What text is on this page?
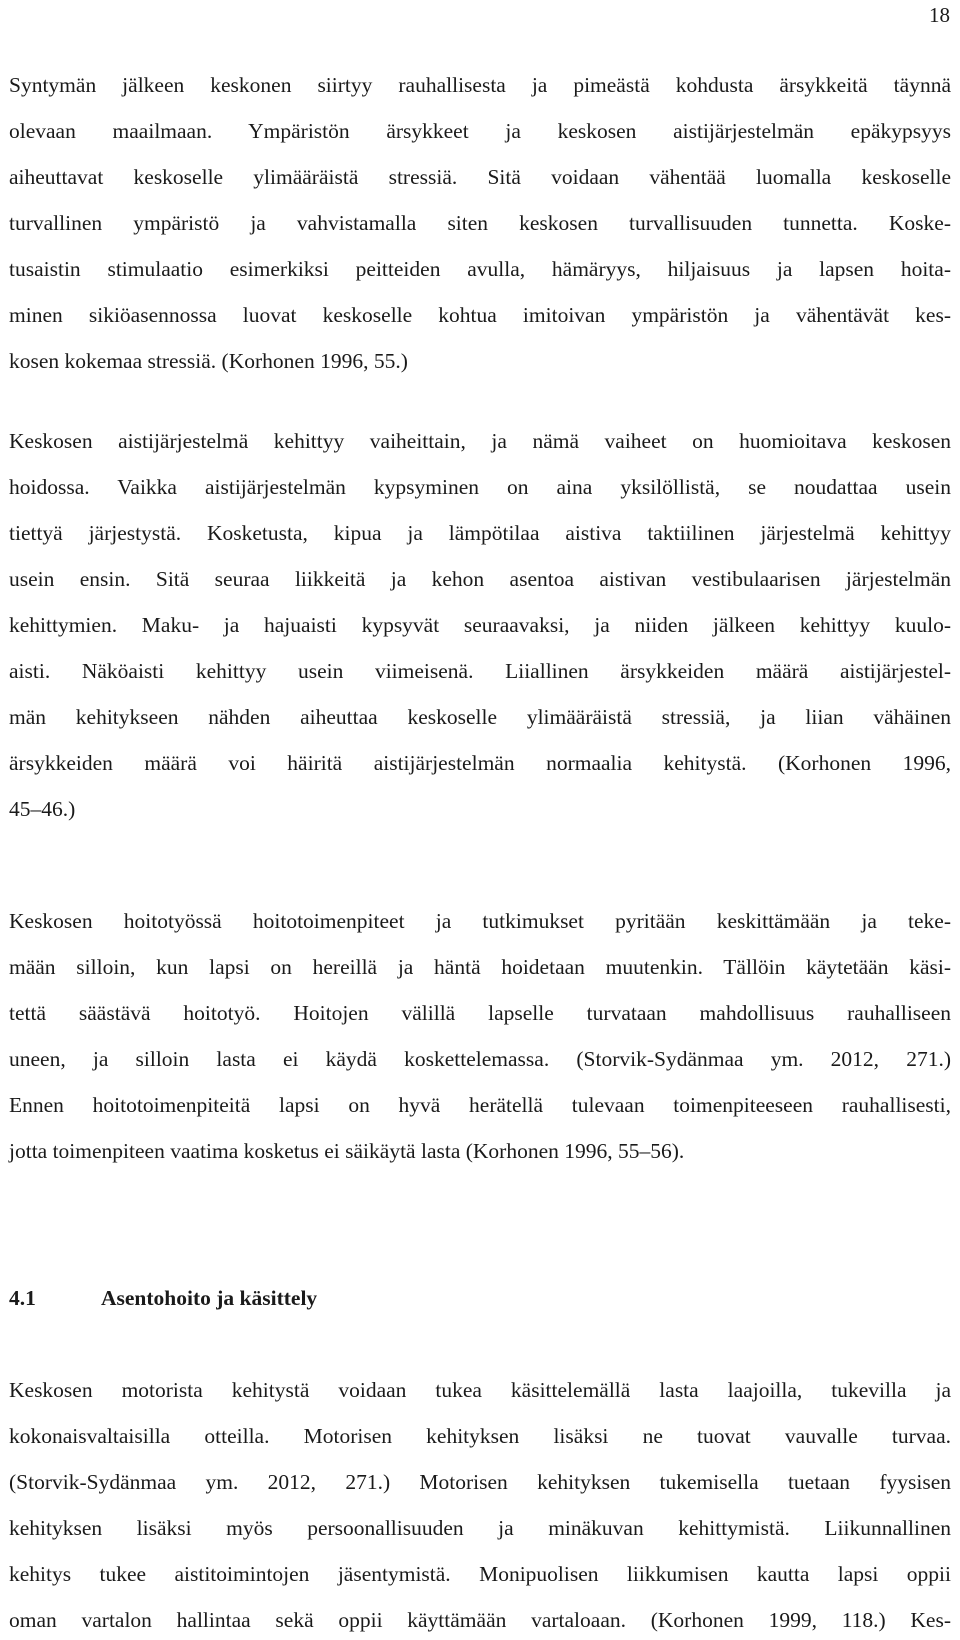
18
Syntymän jälkeen keskonen siirtyy rauhallisesta ja pimeästä kohdusta ärsykkeitä täynnä
olevaan maailmaan. Ympäristön ärsykkeet ja keskosen aistijärjestelmän epäkypsyys
aiheuttavat keskoselle ylimääräistä stressiä. Sitä voidaan vähentää luomalla keskoselle
turvallinen ympäristö ja vahvistamalla siten keskosen turvallisuuden tunnetta. Koske-
tusaistin stimulaatio esimerkiksi peitteiden avulla, hämäryys, hiljaisuus ja lapsen hoita-
minen sikiöasennossa luovat keskoselle kohtua imitoivan ympäristön ja vähentävät kes-
kosen kokemaa stressiä. (Korhonen 1996, 55.)
Keskosen aistijärjestelmä kehittyy vaiheittain, ja nämä vaiheet on huomioitava keskosen
hoidossa. Vaikka aistijärjestelmän kypsyminen on aina yksilöllistä, se noudattaa usein
tiettyä järjestystä. Kosketusta, kipua ja lämpötilaa aistiva taktiilinen järjestelmä kehittyy
usein ensin. Sitä seuraa liikkeitä ja kehon asentoa aistivan vestibulaarisen järjestelmän
kehittymien. Maku- ja hajuaisti kypsyvät seuraavaksi, ja niiden jälkeen kehittyy kuulo-
aisti. Näköaisti kehittyy usein viimeisenä. Liiallinen ärsykkeiden määrä aistijärjestel-
män kehitykseen nähden aiheuttaa keskoselle ylimääräistä stressiä, ja liian vähäinen
ärsykkeiden määrä voi häiritä aistijärjestelmän normaalia kehitystä. (Korhonen 1996,
45–46.)
Keskosen hoitotyössä hoitotoimenpiteet ja tutkimukset pyritään keskittämään ja teke-
mään silloin, kun lapsi on hereillä ja häntä hoidetaan muutenkin. Tällöin käytetään käsi-
tettä säästävä hoitotyö. Hoitojen välillä lapselle turvataan mahdollisuus rauhalliseen
uneen, ja silloin lasta ei käydä koskettelemassa. (Storvik-Sydänmaa ym. 2012, 271.)
Ennen hoitotoimenpiteitä lapsi on hyvä herätellä tulevaan toimenpiteeseen rauhallisesti,
jotta toimenpiteen vaatima kosketus ei säikäytä lasta (Korhonen 1996, 55–56).
4.1	Asentohoito ja käsittely
Keskosen motorista kehitystä voidaan tukea käsittelemällä lasta laajoilla, tukevilla ja
kokonaisvaltaisilla otteilla. Motorisen kehityksen lisäksi ne tuovat vauvalle turvaa.
(Storvik-Sydänmaa ym. 2012, 271.) Motorisen kehityksen tukemisella tuetaan fyysisen
kehityksen lisäksi myös persoonallisuuden ja minäkuvan kehittymistä. Liikunnallinen
kehitys tukee aistitoimintojen jäsentymistä. Monipuolisen liikkumisen kautta lapsi oppii
oman vartalon hallintaa sekä oppii käyttämään vartaloaan. (Korhonen 1999, 118.) Kes-
